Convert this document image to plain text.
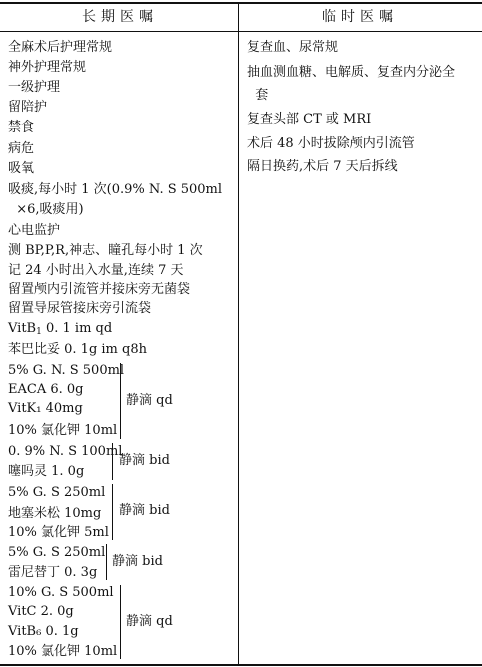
长期医嘱	临时医嘱
全麻术后护理常规
神外护理常规
一级护理
留陪护
禁食
病危
吸氧
吸痰,每小时 1 次(0.9% N. S 500ml
×6,吸痰用)
心电监护
测 BP,P,R,神志、瞳孔每小时 1 次
记 24 小时出入水量,连续 7 天
留置颅内引流管并接床旁无菌袋
留置导尿管接床旁引流袋
VitB$_1$ 0. 1 im qd
苯巴比妥 0. 1g im q8h
5% G. N. S 500ml
EACA 6. 0g
VitK₁ 40mg
10% 氯化钾 10ml
静滴 qd
0. 9% N. S 100ml
噻吗灵 1. 0g
静滴 bid
5% G. S 250ml
地塞米松 10mg
10% 氯化钾 5ml
静滴 bid
5% G. S 250ml
雷尼替丁 0. 3g
静滴 bid
10% G. S 500ml
VitC 2. 0g
VitB₆ 0. 1g
10% 氯化钾 10ml
静滴 qd
复查血、尿常规
抽血测血糖、电解质、复查内分泌全
套
复查头部 CT 或 MRI
术后 48 小时拔除颅内引流管
隔日换药,术后 7 天后拆线
